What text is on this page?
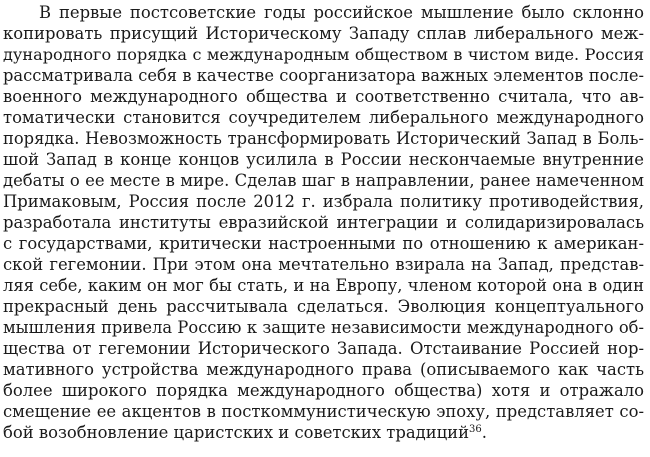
В первые постсоветские годы российское мышление было склонно
копировать присущий Историческому Западу сплав либерального меж-
дународного порядка с международным обществом в чистом виде. Россия
рассматривала себя в качестве соорганизатора важных элементов после-
военного международного общества и соответственно считала, что ав-
томатически становится соучредителем либерального международного
порядка. Невозможность трансформировать Исторический Запад в Боль-
шой Запад в конце концов усилила в России нескончаемые внутренние
дебаты о ее месте в мире. Сделав шаг в направлении, ранее намеченном
Примаковым, Россия после 2012 г. избрала политику противодействия,
разработала институты евразийской интеграции и солидаризировалась
с государствами, критически настроенными по отношению к американ-
ской гегемонии. При этом она мечтательно взирала на Запад, представ-
ляя себе, каким он мог бы стать, и на Европу, членом которой она в один
прекрасный день рассчитывала сделаться. Эволюция концептуального
мышления привела Россию к защите независимости международного об-
щества от гегемонии Исторического Запада. Отстаивание Россией нор-
мативного устройства международного права (описываемого как часть
более широкого порядка международного общества) хотя и отражало
смещение ее акцентов в посткоммунистическую эпоху, представляет со-
бой возобновление царистских и советских традиций$^{36}$.
